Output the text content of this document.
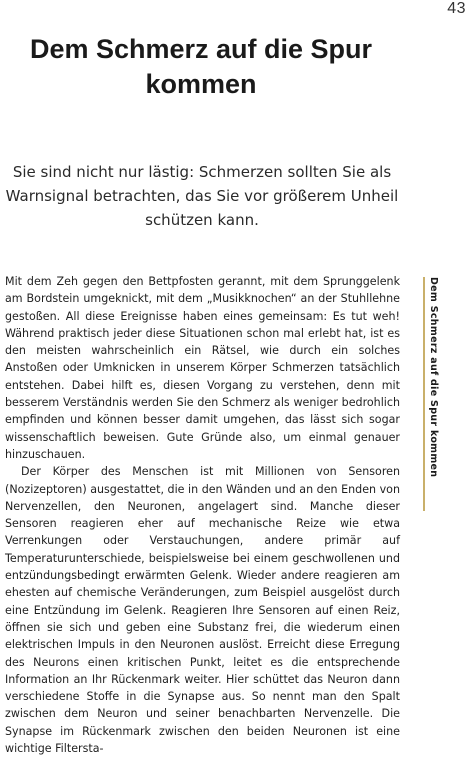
43
Dem Schmerz auf die Spur kommen

Sie sind nicht nur lästig: Schmerzen sollten Sie als Warnsignal betrachten, das Sie vor größerem Unheil schützen kann.

Dem Schmerz auf die Spur kommen

Mit dem Zeh gegen den Bettpfosten gerannt, mit dem Sprunggelenk am Bordstein umgeknickt, mit dem „Musikknochen“ an der Stuhllehne gestoßen. All diese Ereignisse haben eines gemeinsam: Es tut weh! Während praktisch jeder diese Situationen schon mal erlebt hat, ist es den meisten wahrscheinlich ein Rätsel, wie durch ein solches Anstoßen oder Umknicken in unserem Körper Schmerzen tatsächlich entstehen. Dabei hilft es, diesen Vorgang zu verstehen, denn mit besserem Verständnis werden Sie den Schmerz als weniger bedrohlich empfinden und können besser damit umgehen, das lässt sich sogar wissenschaftlich beweisen. Gute Gründe also, um einmal genauer hinzuschauen.

Der Körper des Menschen ist mit Millionen von Sensoren (Nozizeptoren) ausgestattet, die in den Wänden und an den Enden von Nervenzellen, den Neuronen, angelagert sind. Manche dieser Sensoren reagieren eher auf mechanische Reize wie etwa Verrenkungen oder Verstauchungen, andere primär auf Temperaturunterschiede, beispielsweise bei einem geschwollenen und entzündungsbedingt erwärmten Gelenk. Wieder andere reagieren am ehesten auf chemische Veränderungen, zum Beispiel ausgelöst durch eine Entzündung im Gelenk. Reagieren Ihre Sensoren auf einen Reiz, öffnen sie sich und geben eine Substanz frei, die wiederum einen elektrischen Impuls in den Neuronen auslöst. Erreicht diese Erregung des Neurons einen kritischen Punkt, leitet es die entsprechende Information an Ihr Rückenmark weiter. Hier schüttet das Neuron dann verschiedene Stoffe in die Synapse aus. So nennt man den Spalt zwischen dem Neuron und seiner benachbarten Nervenzelle. Die Synapse im Rückenmark zwischen den beiden Neuronen ist eine wichtige Filtersta-
